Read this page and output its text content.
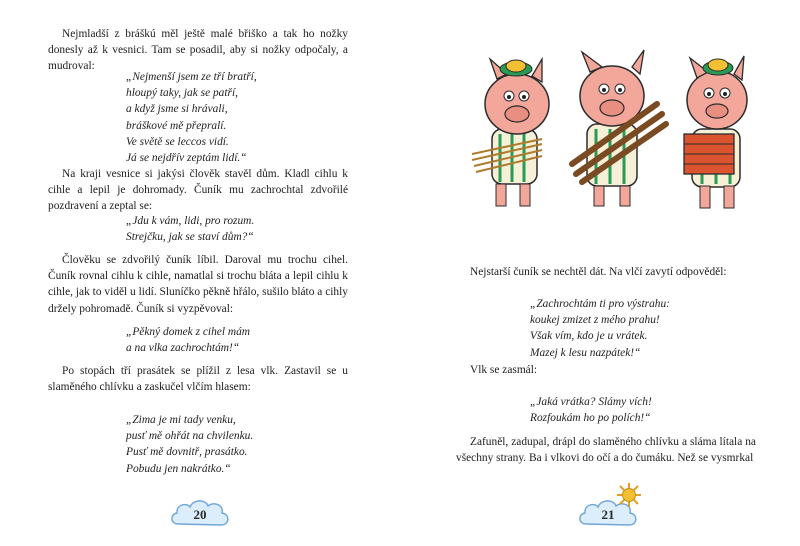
Nejmladší z bráškú měl ještě malé břiško a tak ho nožky donesly až k vesnici. Tam se posadil, aby si nožky odpočaly, a mudroval:
„Nejmenší jsem ze tří bratří,
hloupý taky, jak se patří,
a když jsme si hrávali,
bráškové mě přepralí.
Ve světě se leccos vidí.
Já se nejdřív zeptám lidí.“
Na kraji vesnice si jakýsi člověk stavěl dům. Kladl cihlu k cihle a lepil je dohromady. Čuník mu zachrochtal zdvořilé pozdravení a zeptal se:
„Jdu k vám, lidi, pro rozum.
Strejčku, jak se staví dům?“
Člověku se zdvořilý čuník líbil. Daroval mu trochu cihel. Čuník rovnal cihlu k cihle, namatlal si trochu bláta a lepil cihlu k cihle, jak to viděl u lidí. Sluníčko pěkně hřálo, sušilo bláto a cihly držely pohromadě. Čuník si vyzpěvoval:
„Pěkný domek z cihel mám
a na vlka zachrochtám!“
Po stopách tří prasátek se plížil z lesa vlk. Zastavil se u slaměného chlívku a zaskučel vlčím hlasem:
„Zima je mi tady venku,
pusť mě ohřát na chvilenku.
Pusť mě dovnitř, prasátko.
Pobudu jen nakrátko.“
20
Nejstarší čuník se nechtěl dát. Na vlčí zavytí odpověděl:
„Zachrochtám ti pro výstrahu:
koukej zmizet z mého prahu!
Však vím, kdo je u vrátek.
Mazej k lesu nazpátek!“
Vlk se zasmál:
„Jaká vrátka? Slámy vích!
Rozfoukám ho po polích!“
Zafuněl, zadupal, drápl do slaměného chlívku a sláma lítala na všechny strany. Ba i vlkovi do očí a do čumáku. Než se vysmrkal
21
